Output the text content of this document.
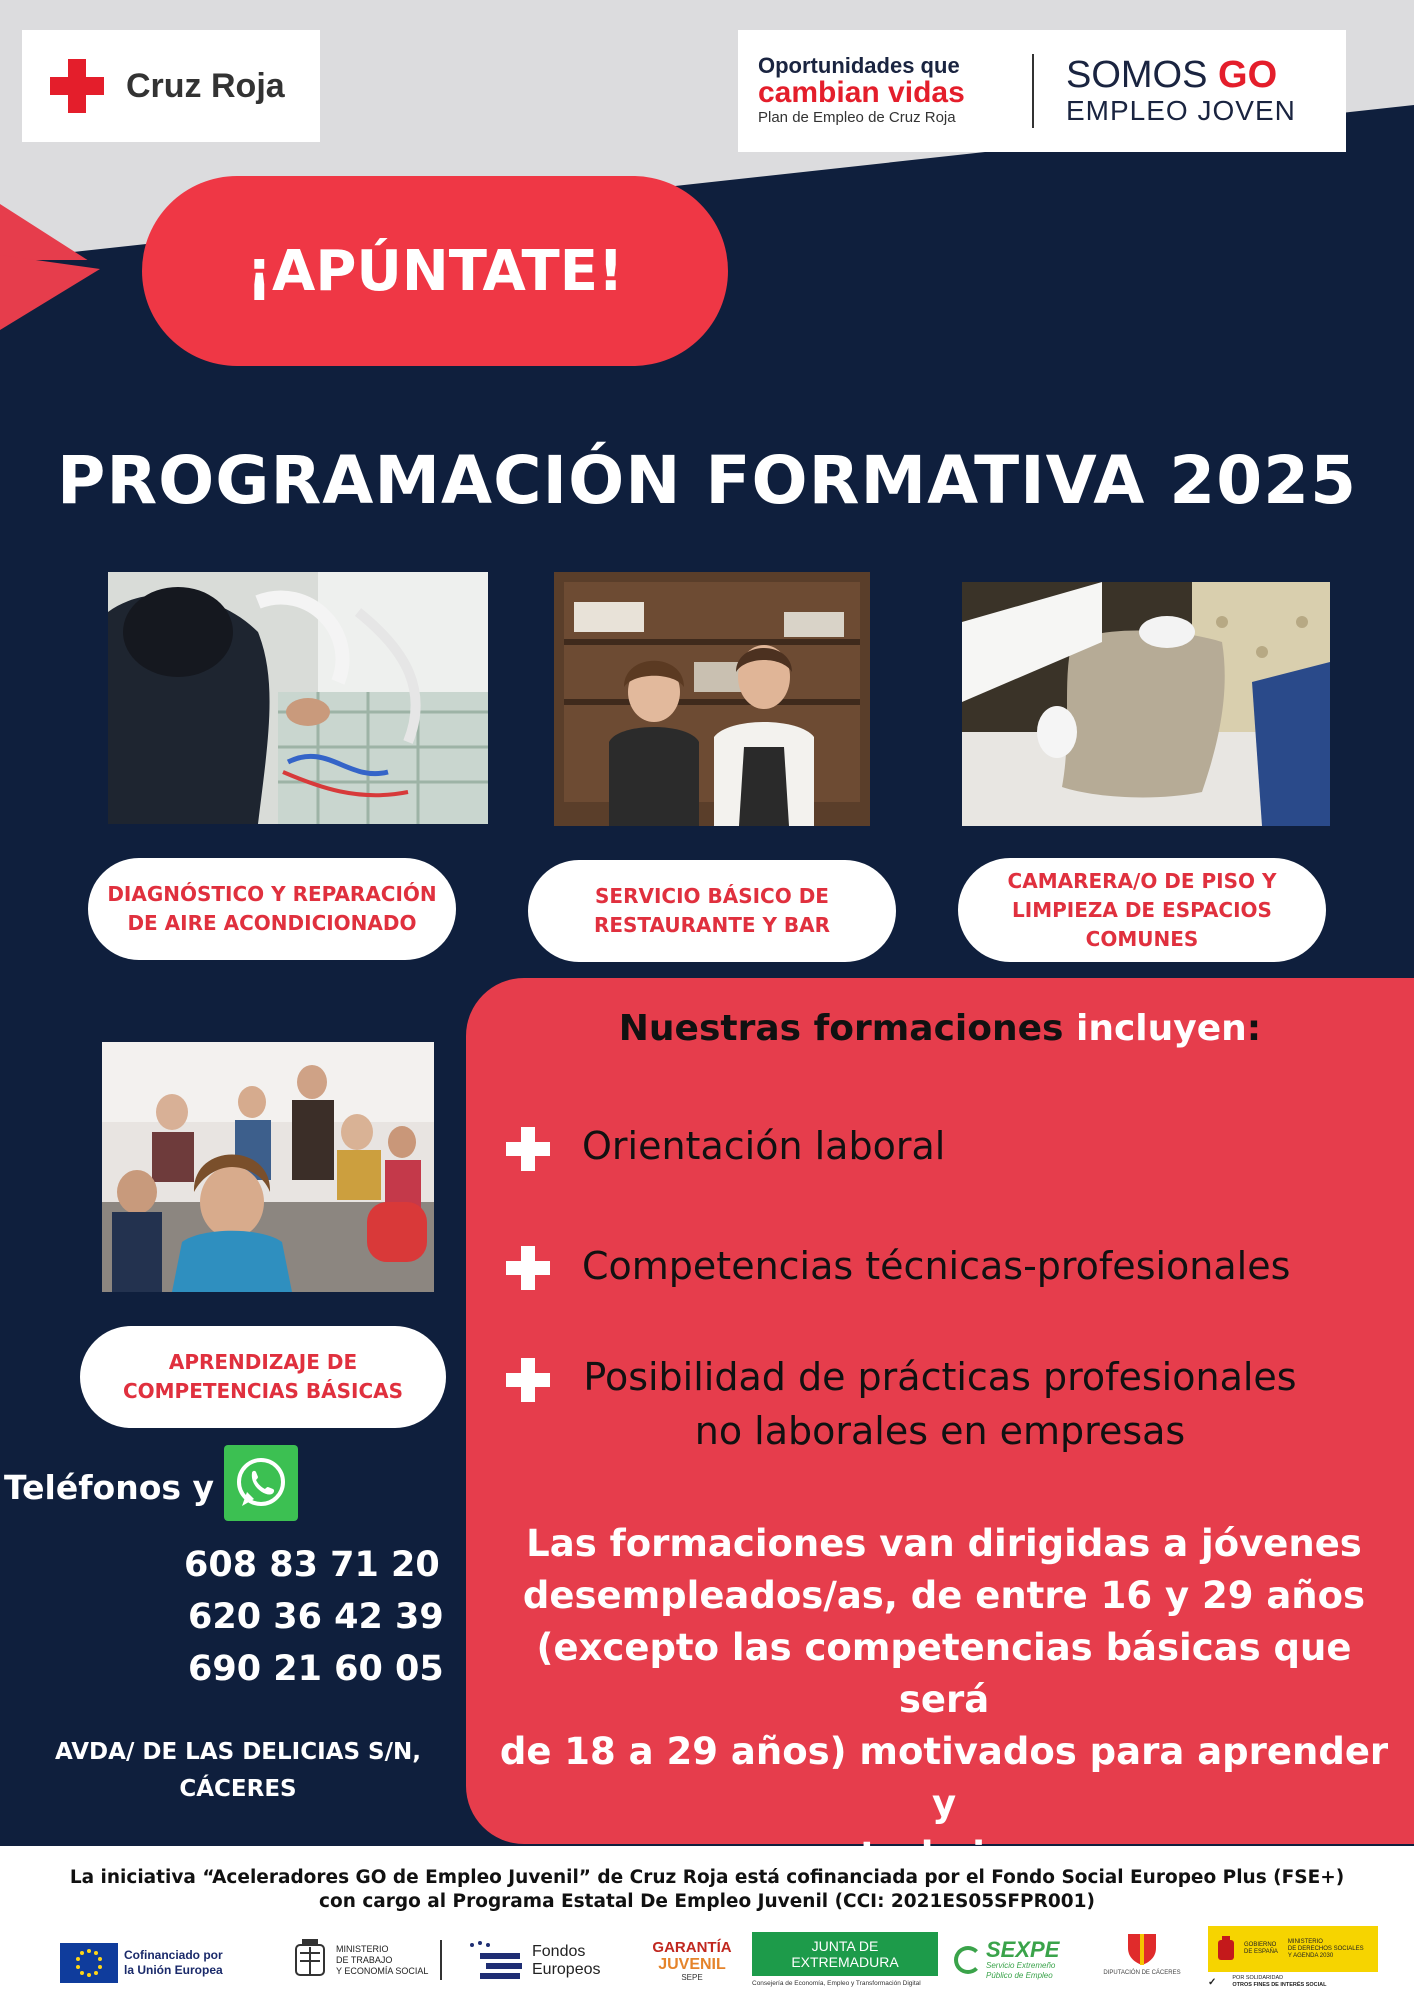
Cruz Roja
Oportunidades que
cambian vidas
Plan de Empleo de Cruz Roja
SOMOS GO
EMPLEO JOVEN
¡APÚNTATE!
PROGRAMACIÓN FORMATIVA 2025
DIAGNÓSTICO Y REPARACIÓN
DE AIRE ACONDICIONADO
SERVICIO BÁSICO DE
RESTAURANTE Y BAR
CAMARERA/O DE PISO Y
LIMPIEZA DE ESPACIOS
COMUNES
APRENDIZAJE DE
COMPETENCIAS BÁSICAS
Nuestras formaciones incluyen:
Orientación laboral
Competencias técnicas-profesionales
Posibilidad de prácticas profesionales
no laborales en empresas
Las formaciones van dirigidas a jóvenes
desempleados/as, de entre 16 y 29 años
(excepto las competencias básicas que será
de 18 a 29 años) motivados para aprender y
Teléfonos y
608 83 71 20
620 36 42 39
690 21 60 05
AVDA/ DE LAS DELICIAS S/N,
CÁCERES
La iniciativa “Aceleradores GO de Empleo Juvenil” de Cruz Roja está cofinanciada por el Fondo Social Europeo Plus (FSE+)
con cargo al Programa Estatal De Empleo Juvenil (CCI: 2021ES05SFPR001)
Cofinanciado por
la Unión Europea
MINISTERIO
DE TRABAJO
Y ECONOMÍA SOCIAL
Fondos
Europeos
GARANTÍA
JUVENIL
SEPE
JUNTA DE EXTREMADURA
Consejería de Economía, Empleo y Transformación Digital
SEXPE
Servicio Extremeño
Público de Empleo	DIPUTACIÓN DE CÁCERES
GOBIERNO
DE ESPAÑA
MINISTERIO
DE DERECHOS SOCIALES
Y AGENDA 2030
✓	POR SOLIDARIDAD
OTROS FINES DE INTERÉS SOCIAL
